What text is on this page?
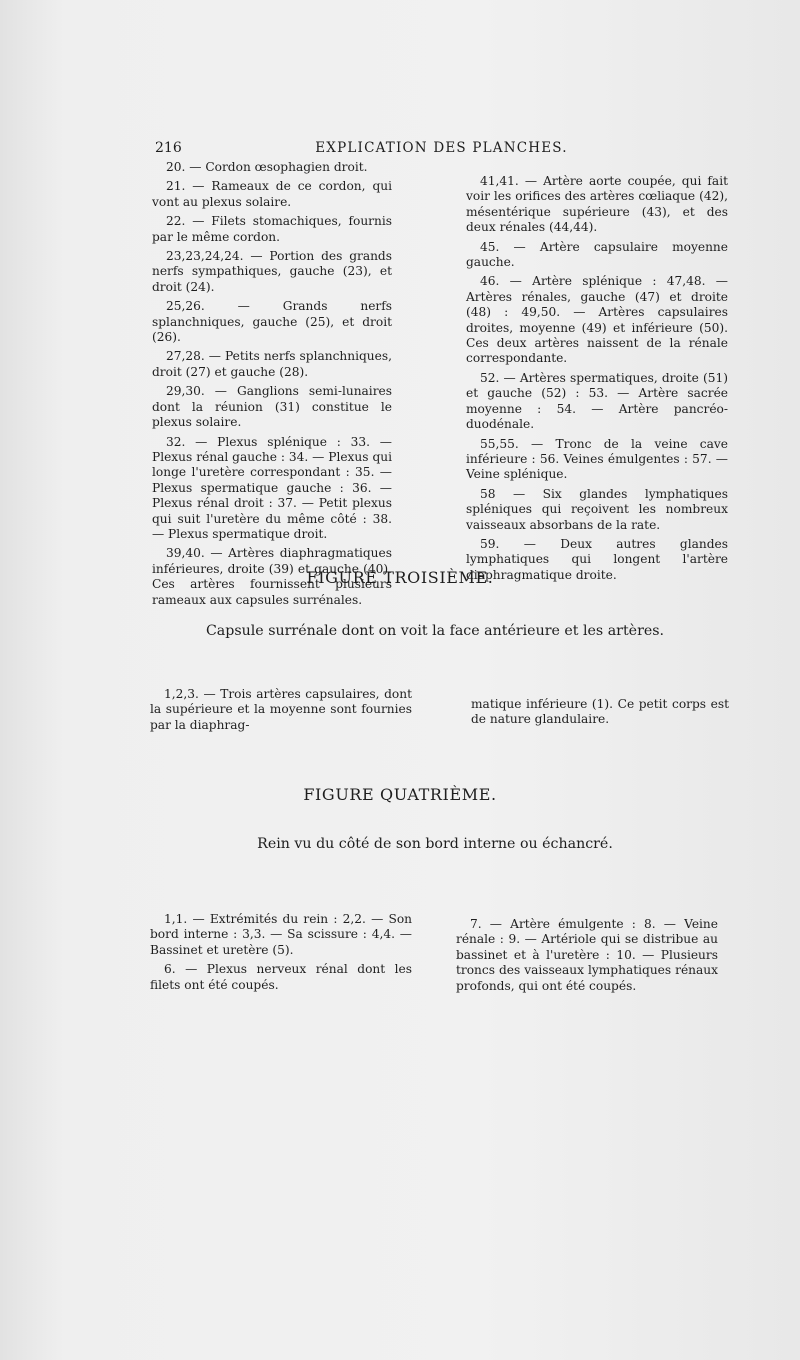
216	EXPLICATION DES PLANCHES.

20. — Cordon œsophagien droit.

21. — Rameaux de ce cordon, qui vont au plexus solaire.

22. — Filets stomachiques, fournis par le même cordon.

23,23,24,24. — Portion des grands nerfs sympathiques, gauche (23), et droit (24).

25,26. — Grands nerfs splanchniques, gauche (25), et droit (26).

27,28. — Petits nerfs splanchniques, droit (27) et gauche (28).

29,30. — Ganglions semi-lunaires dont la réunion (31) constitue le plexus solaire.

32. — Plexus splénique : 33. — Plexus rénal gauche : 34. — Plexus qui longe l'uretère correspondant : 35. — Plexus spermatique gauche : 36. — Plexus rénal droit : 37. — Petit plexus qui suit l'uretère du même côté : 38. — Plexus spermatique droit.

39,40. — Artères diaphragmatiques inférieures, droite (39) et gauche (40). Ces artères fournissent plusieurs rameaux aux capsules surrénales.

41,41. — Artère aorte coupée, qui fait voir les orifices des artères cœliaque (42), mésentérique supérieure (43), et des deux rénales (44,44).

45. — Artère capsulaire moyenne gauche.

46. — Artère splénique : 47,48. — Artères rénales, gauche (47) et droite (48) : 49,50. — Artères capsulaires droites, moyenne (49) et inférieure (50). Ces deux artères naissent de la rénale correspondante.

52. — Artères spermatiques, droite (51) et gauche (52) : 53. — Artère sacrée moyenne : 54. — Artère pancréo-duodénale.

55,55. — Tronc de la veine cave inférieure : 56. Veines émulgentes : 57. — Veine splénique.

58 — Six glandes lymphatiques spléniques qui reçoivent les nombreux vaisseaux absorbans de la rate.

59. — Deux autres glandes lymphatiques qui longent l'artère diaphragmatique droite.

FIGURE TROISIÈME.
Capsule surrénale dont on voit la face antérieure et les artères.

1,2,3. — Trois artères capsulaires, dont la supérieure et la moyenne sont fournies par la diaphrag-

matique inférieure (1). Ce petit corps est de nature glandulaire.

FIGURE QUATRIÈME.
Rein vu du côté de son bord interne ou échancré.

1,1. — Extrémités du rein : 2,2. — Son bord interne : 3,3. — Sa scissure : 4,4. — Bassinet et uretère (5).

6. — Plexus nerveux rénal dont les filets ont été coupés.

7. — Artère émulgente : 8. — Veine rénale : 9. — Artériole qui se distribue au bassinet et à l'uretère : 10. — Plusieurs troncs des vaisseaux lymphatiques rénaux profonds, qui ont été coupés.
